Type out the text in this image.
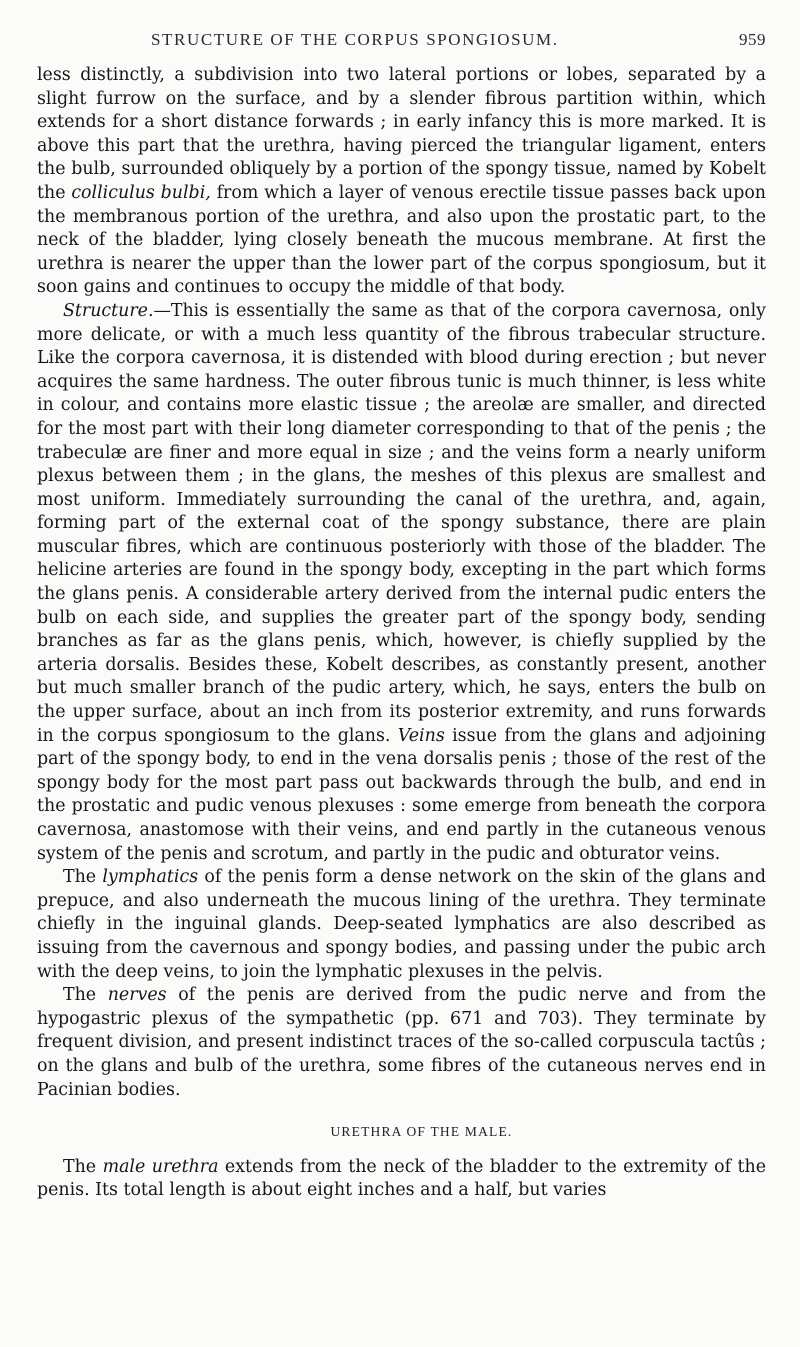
STRUCTURE OF THE CORPUS SPONGIOSUM.	959

less distinctly, a subdivision into two lateral portions or lobes, separated by a slight furrow on the surface, and by a slender fibrous partition within, which extends for a short distance forwards ; in early infancy this is more marked. It is above this part that the urethra, having pierced the triangular ligament, enters the bulb, surrounded obliquely by a portion of the spongy tissue, named by Kobelt the colliculus bulbi, from which a layer of venous erectile tissue passes back upon the membranous portion of the urethra, and also upon the prostatic part, to the neck of the bladder, lying closely beneath the mucous membrane. At first the urethra is nearer the upper than the lower part of the corpus spongiosum, but it soon gains and continues to occupy the middle of that body.

Structure.—This is essentially the same as that of the corpora cavernosa, only more delicate, or with a much less quantity of the fibrous trabecular structure. Like the corpora cavernosa, it is distended with blood during erection ; but never acquires the same hardness. The outer fibrous tunic is much thinner, is less white in colour, and contains more elastic tissue ; the areolæ are smaller, and directed for the most part with their long diameter corresponding to that of the penis ; the trabeculæ are finer and more equal in size ; and the veins form a nearly uniform plexus between them ; in the glans, the meshes of this plexus are smallest and most uniform. Immediately surrounding the canal of the urethra, and, again, forming part of the external coat of the spongy substance, there are plain muscular fibres, which are continuous posteriorly with those of the bladder. The helicine arteries are found in the spongy body, excepting in the part which forms the glans penis. A considerable artery derived from the internal pudic enters the bulb on each side, and supplies the greater part of the spongy body, sending branches as far as the glans penis, which, however, is chiefly supplied by the arteria dorsalis. Besides these, Kobelt describes, as constantly present, another but much smaller branch of the pudic artery, which, he says, enters the bulb on the upper surface, about an inch from its posterior extremity, and runs forwards in the corpus spongiosum to the glans. Veins issue from the glans and adjoining part of the spongy body, to end in the vena dorsalis penis ; those of the rest of the spongy body for the most part pass out backwards through the bulb, and end in the prostatic and pudic venous plexuses : some emerge from beneath the corpora cavernosa, anastomose with their veins, and end partly in the cutaneous venous system of the penis and scrotum, and partly in the pudic and obturator veins.

The lymphatics of the penis form a dense network on the skin of the glans and prepuce, and also underneath the mucous lining of the urethra. They terminate chiefly in the inguinal glands. Deep-seated lymphatics are also described as issuing from the cavernous and spongy bodies, and passing under the pubic arch with the deep veins, to join the lymphatic plexuses in the pelvis.

The nerves of the penis are derived from the pudic nerve and from the hypogastric plexus of the sympathetic (pp. 671 and 703). They terminate by frequent division, and present indistinct traces of the so-called corpuscula tactûs ; on the glans and bulb of the urethra, some fibres of the cutaneous nerves end in Pacinian bodies.

URETHRA OF THE MALE.

The male urethra extends from the neck of the bladder to the extremity of the penis. Its total length is about eight inches and a half, but varies
